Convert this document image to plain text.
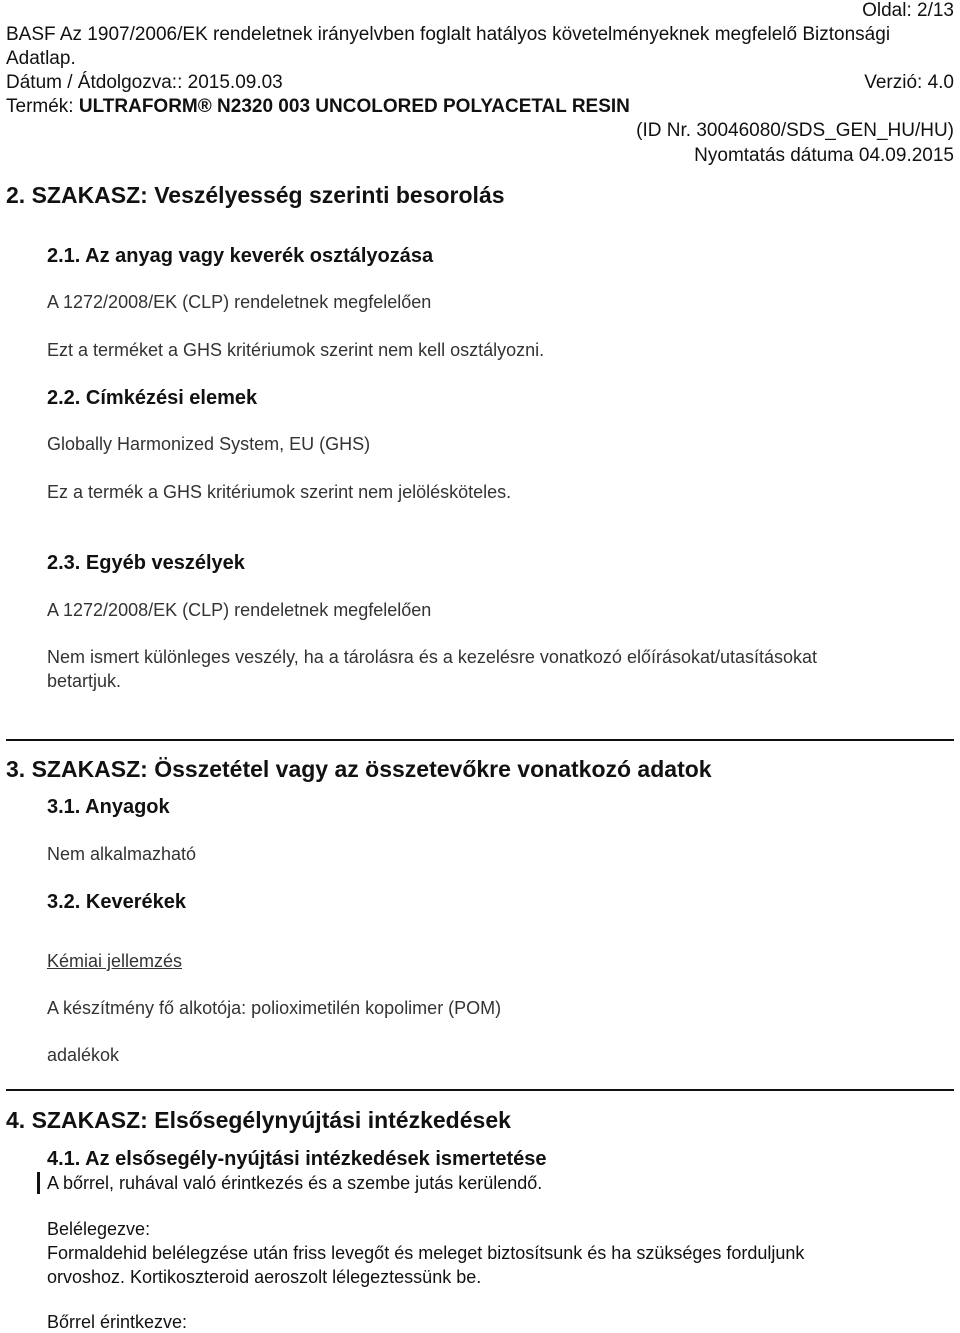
Oldal: 2/13
BASF Az 1907/2006/EK rendeletnek irányelvben foglalt hatályos követelményeknek megfelelő Biztonsági
Adatlap.
Dátum / Átdolgozva:: 2015.09.03	Verzió: 4.0
Termék: ULTRAFORM® N2320 003 UNCOLORED POLYACETAL RESIN
(ID Nr. 30046080/SDS_GEN_HU/HU)
Nyomtatás dátuma 04.09.2015
2. SZAKASZ: Veszélyesség szerinti besorolás
2.1. Az anyag vagy keverék osztályozása
A 1272/2008/EK (CLP) rendeletnek megfelelően
Ezt a terméket a GHS kritériumok szerint nem kell osztályozni.
2.2. Címkézési elemek
Globally Harmonized System, EU (GHS)
Ez a termék a GHS kritériumok szerint nem jelölésköteles.
2.3. Egyéb veszélyek
A 1272/2008/EK (CLP) rendeletnek megfelelően
Nem ismert különleges veszély, ha a tárolásra és a kezelésre vonatkozó előírásokat/utasításokat
betartjuk.
3. SZAKASZ: Összetétel vagy az összetevőkre vonatkozó adatok
3.1. Anyagok
Nem alkalmazható
3.2. Keverékek
Kémiai jellemzés
A készítmény fő alkotója: polioximetilén kopolimer (POM)
adalékok
4. SZAKASZ: Elsősegélynyújtási intézkedések
4.1. Az elsősegély-nyújtási intézkedések ismertetése
A bőrrel, ruhával való érintkezés és a szembe jutás kerülendő.
Belélegezve:
Formaldehid belélegzése után friss levegőt és meleget biztosítsunk és ha szükséges forduljunk
orvoshoz. Kortikoszteroid aeroszolt lélegeztessünk be.
Bőrrel érintkezve:
